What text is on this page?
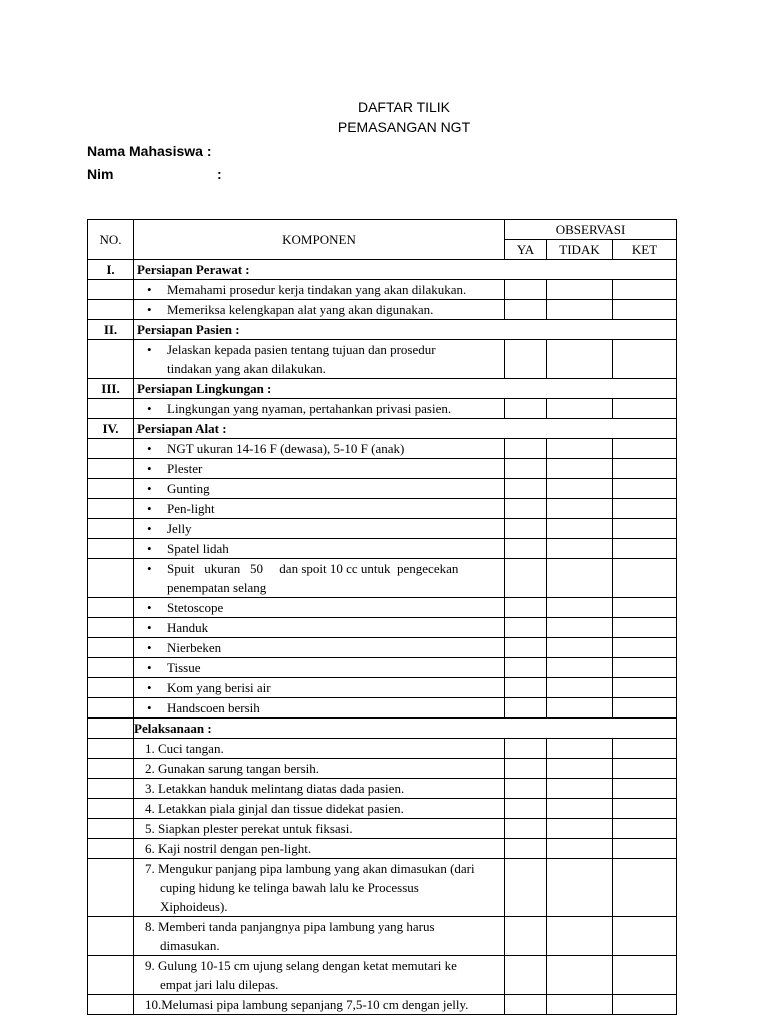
DAFTAR TILIK
PEMASANGAN NGT
Nama Mahasiswa :
Nim	:
NO.	KOMPONEN	OBSERVASI		
		YA	TIDAK	KET
I.	Persiapan Perawat :			

	• Memahami prosedur kerja tindakan yang akan dilakukan.

	• Memeriksa kelengkapan alat yang akan digunakan.

II.	Persiapan Pasien :			

	• Jelaskan kepada pasien tentang tujuan dan prosedur
tindakan yang akan dilakukan.

III.	Persiapan Lingkungan :			

	• Lingkungan yang nyaman, pertahankan privasi pasien.

IV.	Persiapan Alat :			

	• NGT ukuran 14-16 F (dewasa), 5-10 F (anak)

	• Plester

	• Gunting

	• Pen-light

	• Jelly

	• Spatel lidah

	• Spuit   ukuran   50     dan spoit 10 cc untuk  pengecekan
penempatan selang

	• Stetoscope

	• Handuk

	• Nierbeken

	• Tissue

	• Kom yang berisi air

	• Handscoen bersih

	Pelaksanaan :			

	1. Cuci tangan.			

	2. Gunakan sarung tangan bersih.			

	3. Letakkan handuk melintang diatas dada pasien.			

	4. Letakkan piala ginjal dan tissue didekat pasien.			

	5. Siapkan plester perekat untuk fiksasi.			

	6. Kaji nostril dengan pen-light.			

	7. Mengukur panjang pipa lambung yang akan dimasukan (dari
cuping hidung ke telinga bawah lalu ke Processus
Xiphoideus).			

	8. Memberi tanda panjangnya pipa lambung yang harus
dimasukan.			

	9. Gulung 10-15 cm ujung selang dengan ketat memutari ke
empat jari lalu dilepas.			

	10.Melumasi pipa lambung sepanjang 7,5-10 cm dengan jelly.			
